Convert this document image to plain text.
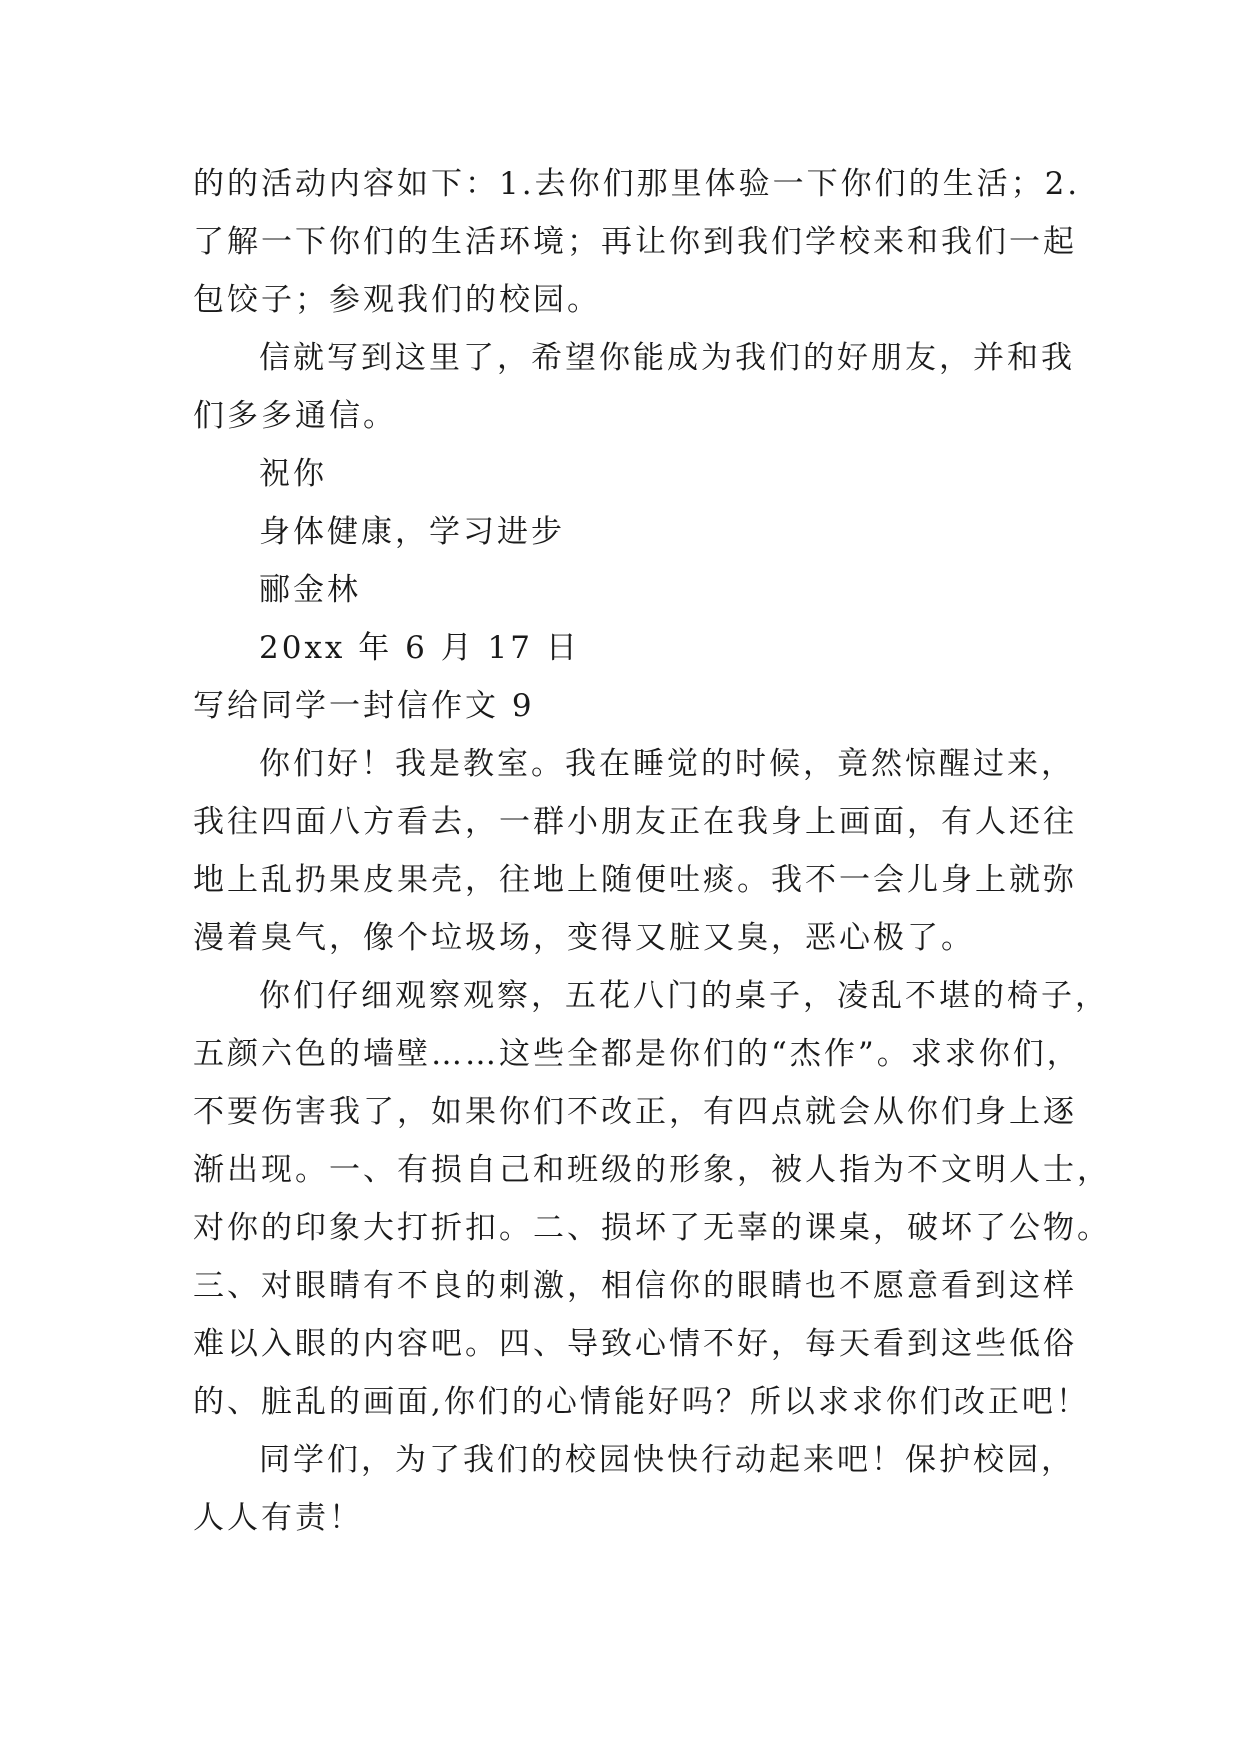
的的活动内容如下：1.去你们那里体验一下你们的生活；2.
了解一下你们的生活环境；再让你到我们学校来和我们一起
包饺子；参观我们的校园。
信就写到这里了，希望你能成为我们的好朋友，并和我
们多多通信。
祝你
身体健康，学习进步
郦金林
20xx 年 6 月 17 日
写给同学一封信作文 9
你们好！我是教室。我在睡觉的时候，竟然惊醒过来，
我往四面八方看去，一群小朋友正在我身上画面，有人还往
地上乱扔果皮果壳，往地上随便吐痰。我不一会儿身上就弥
漫着臭气，像个垃圾场，变得又脏又臭，恶心极了。
你们仔细观察观察，五花八门的桌子，凌乱不堪的椅子，
五颜六色的墙壁……这些全都是你们的“杰作”。求求你们，
不要伤害我了，如果你们不改正，有四点就会从你们身上逐
渐出现。一、有损自己和班级的形象，被人指为不文明人士，
对你的印象大打折扣。二、损坏了无辜的课桌，破坏了公物。
三、对眼睛有不良的刺激，相信你的眼睛也不愿意看到这样
难以入眼的内容吧。四、导致心情不好，每天看到这些低俗
的、脏乱的画面,你们的心情能好吗？所以求求你们改正吧！
同学们，为了我们的校园快快行动起来吧！保护校园，
人人有责！
